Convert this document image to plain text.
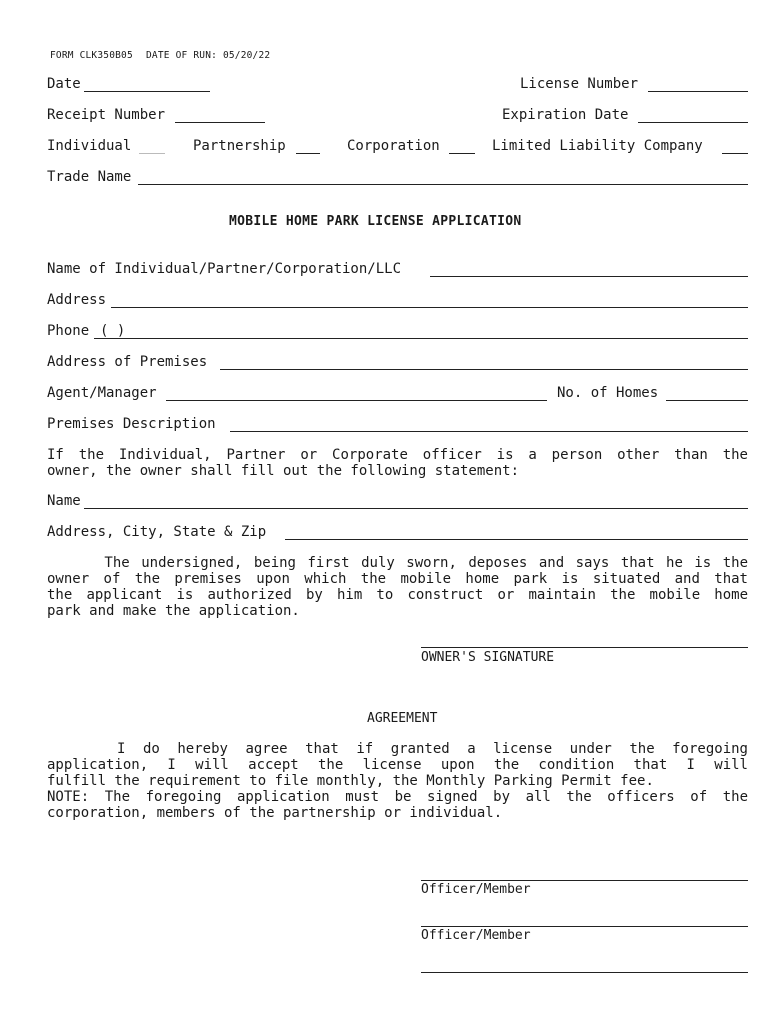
FORM CLK350B05 DATE OF RUN: 05/20/22
Date	License Number
Receipt Number	Expiration Date
Individual	Partnership	Corporation	Limited Liability Company
Trade Name
MOBILE HOME PARK LICENSE APPLICATION
Name of Individual/Partner/Corporation/LLC
Address
Phone ( )
Address of Premises
Agent/Manager	No. of Homes
Premises Description
If the Individual, Partner or Corporate officer is a person other than the
owner, the owner shall fill out the following statement:
Name
Address, City, State & Zip
The undersigned, being first duly sworn, deposes and says that he is the
owner of the premises upon which the mobile home park is situated and that
the applicant is authorized by him to construct or maintain the mobile home
park and make the application.
OWNER'S SIGNATURE
AGREEMENT
I do hereby agree that if granted a license under the foregoing
application, I will accept the license upon the condition that I will
fulfill the requirement to file monthly, the Monthly Parking Permit fee.
NOTE: The foregoing application must be signed by all the officers of the
corporation, members of the partnership or individual.
Officer/Member
Officer/Member
